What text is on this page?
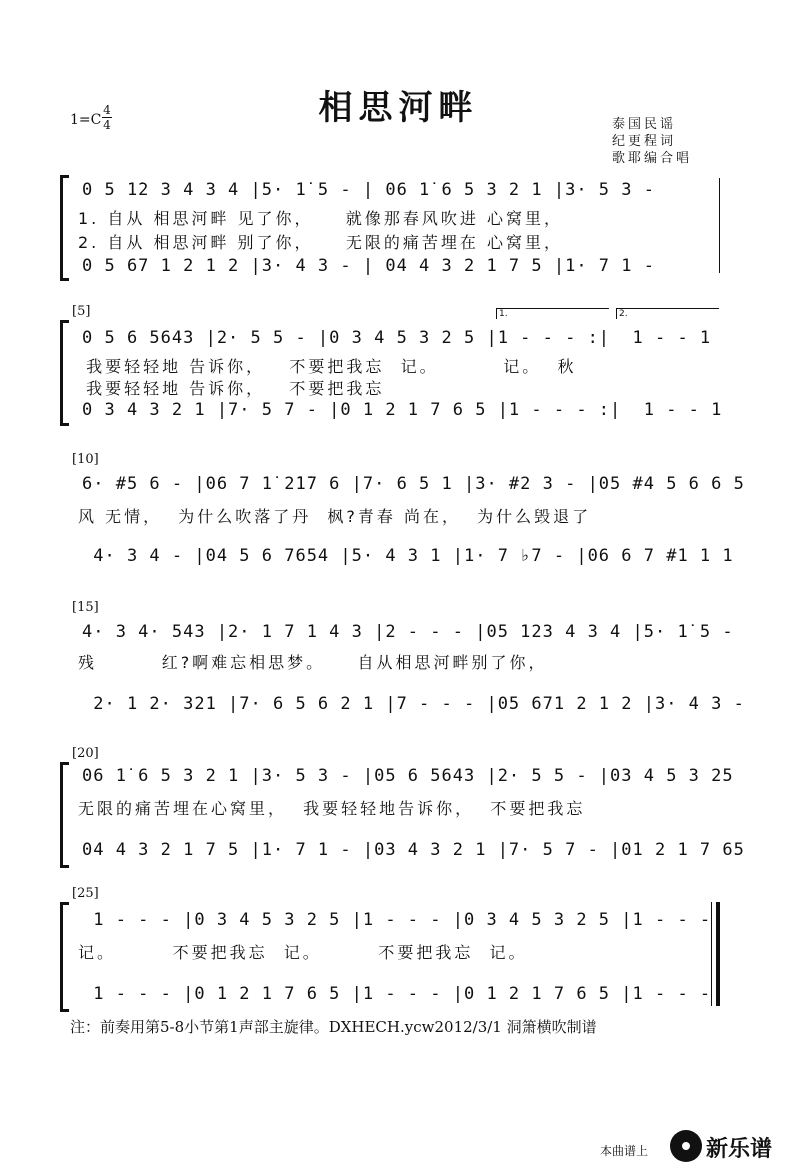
相思河畔
1=C
4
4	泰国民谣
纪更程词
歌耶编合唱
0 5 1̇2 3 4 3 4 |5· 1̇ 5 - | 06 1̇ 6 5 3 2 1 |3· 5 3 -
1. 自从 相思河畔 见了你，    就像那春风吹进 心窝里，
2. 自从 相思河畔 别了你，    无限的痛苦埋在 心窝里，
0 5 67 1 2 1 2 |3· 4 3 - | 04 4 3 2 1 7 5 |1· 7 1 -
[5]	1.	2.
0 5 6 5643 |2· 5 5 - |0 3 4 5 3 2 5 |1 - - - :|  1 - - 1
我要轻轻地 告诉你，   不要把我忘  记。        记。  秋
我要轻轻地 告诉你，   不要把我忘
0 3 4 3 2 1 |7· 5 7 - |0 1 2 1 7 6 5 |1 - - - :|  1 - - 1
[10]
6· #5 6 - |06 7 1̇ 2̇1̇7 6 |7· 6 5 1 |3· #2 3 - |05 #4 5 6 6 5
风 无情，  为什么吹落了丹  枫?青春 尚在，  为什么毁退了
4· 3 4 - |04 5 6 7654 |5· 4 3 1 |1· 7 ♭7 - |06 6 7 #1 1 1
[15]
4· 3 4· 543 |2· 1 7 1 4 3 |2 - - - |05 123 4 3 4 |5· 1̇ 5 -
残        红?啊难忘相思梦。    自从相思河畔别了你，
2· 1 2· 321 |7· 6 5 6 2 1 |7 - - - |05 671 2 1 2 |3· 4 3 -
[20]
06 1̇ 6 5 3 2 1 |3· 5 3 - |05 6 5643 |2· 5 5 - |03 4 5 3 25
无限的痛苦埋在心窝里，  我要轻轻地告诉你，  不要把我忘
04 4 3 2 1 7 5 |1· 7 1 - |03 4 3 2 1 |7· 5 7 - |01 2 1 7 65
[25]
1 - - - |0 3 4 5 3 2 5 |1 - - - |0 3 4 5 3 2 5 |1 - - -
记。       不要把我忘  记。       不要把我忘  记。
1 - - - |0 1 2 1 7 6 5 |1 - - - |0 1 2 1 7 6 5 |1 - - -
注：前奏用第5-8小节第1声部主旋律。DXHECH.ycw2012/3/1 洞箫横吹制谱
本曲谱上	新乐谱
